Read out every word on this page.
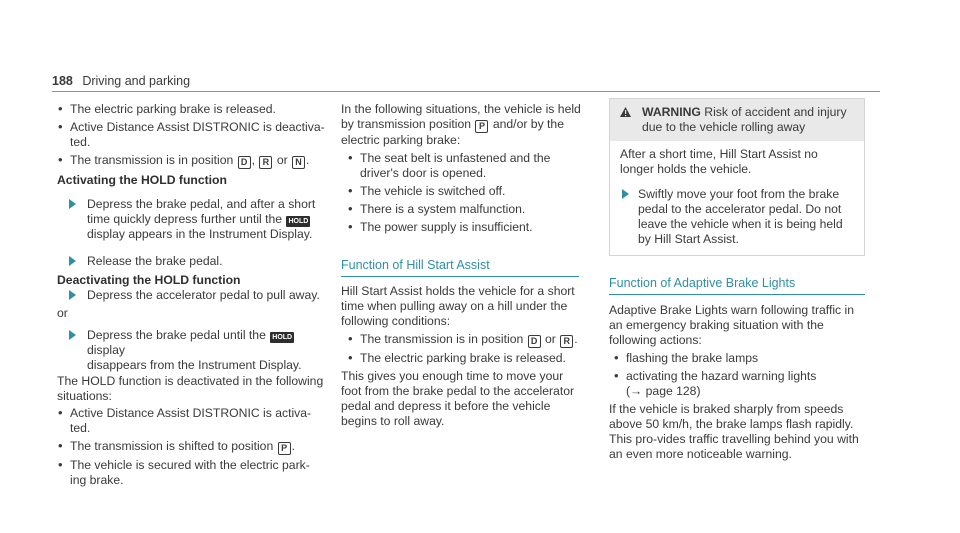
188 Driving and parking
• The electric parking brake is released.
• Active Distance Assist DISTRONIC is deactiva-
ted.
• The transmission is in position D , R or N .
Activating the HOLD function
Depress the brake pedal, and after a short
time quickly depress further until the HOLD
display appears in the Instrument Display.
Release the brake pedal.
Deactivating the HOLD function
Depress the accelerator pedal to pull away.
or
Depress the brake pedal until the HOLD display
disappears from the Instrument Display.
The HOLD function is deactivated in the following situations:
• Active Distance Assist DISTRONIC is activa-
ted.
• The transmission is shifted to position P .
• The vehicle is secured with the electric park-
ing brake.
In the following situations, the vehicle is held by transmission position P and/or by the electric parking brake:
• The seat belt is unfastened and the driver's door is opened.
• The vehicle is switched off.
• There is a system malfunction.
• The power supply is insufficient.
Function of Hill Start Assist
Hill Start Assist holds the vehicle for a short time when pulling away on a hill under the following conditions:
• The transmission is in position D or R .
• The electric parking brake is released.
This gives you enough time to move your foot from the brake pedal to the accelerator pedal and depress it before the vehicle begins to roll away.
WARNING Risk of accident and injury due to the vehicle rolling away
After a short time, Hill Start Assist no longer holds the vehicle.
Swiftly move your foot from the brake pedal to the accelerator pedal. Do not leave the vehicle when it is being held by Hill Start Assist.
Function of Adaptive Brake Lights
Adaptive Brake Lights warn following traffic in an emergency braking situation with the following actions:
• flashing the brake lamps
• activating the hazard warning lights
(→ page 128)
If the vehicle is braked sharply from speeds above 50 km/h, the brake lamps flash rapidly. This pro-vides traffic travelling behind you with an even more noticeable warning.
